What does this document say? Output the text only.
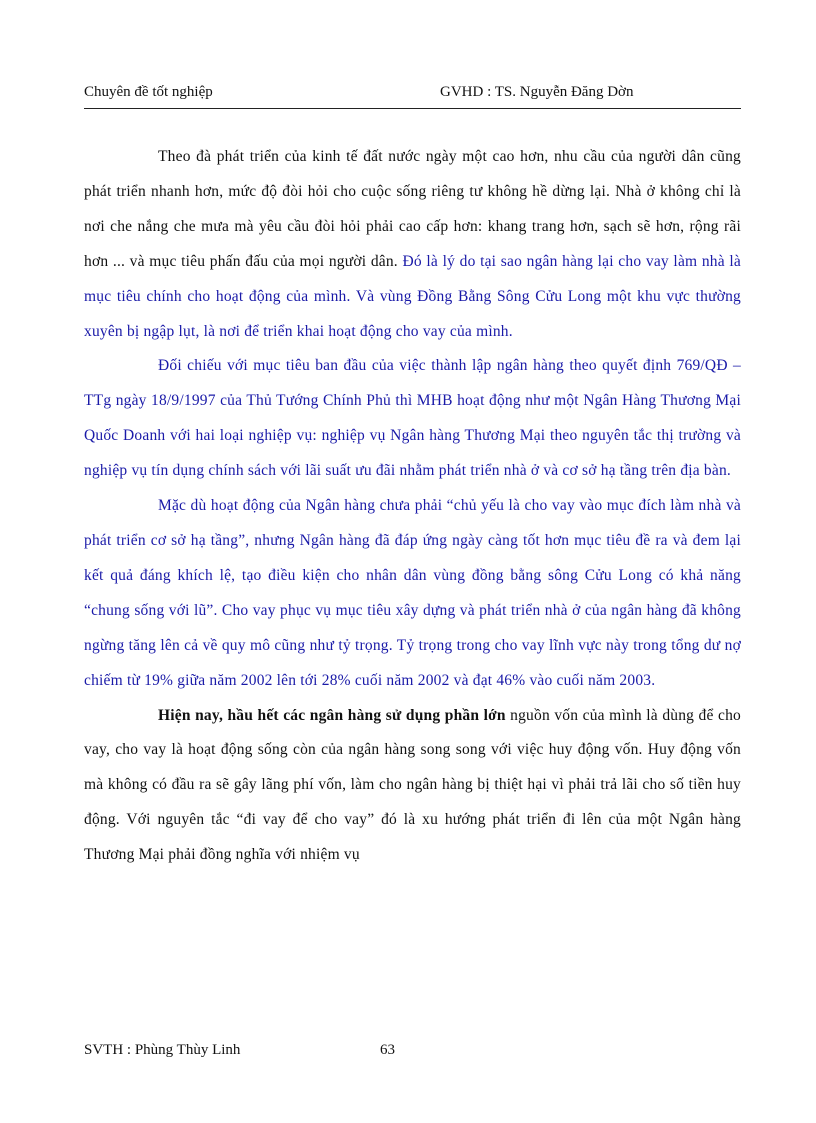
Chuyên đề tốt nghiệp	GVHD : TS. Nguyễn Đăng Dờn

Theo đà phát triển của kinh tế đất nước ngày một cao hơn, nhu cầu của người dân cũng phát triển nhanh hơn, mức độ đòi hỏi cho cuộc sống riêng tư không hề dừng lại. Nhà ở không chỉ là nơi che nắng che mưa mà yêu cầu đòi hỏi phải cao cấp hơn: khang trang hơn, sạch sẽ hơn, rộng rãi hơn ... và mục tiêu phấn đấu của mọi người dân. Đó là lý do tại sao ngân hàng lại cho vay làm nhà là mục tiêu chính cho hoạt động của mình. Và vùng Đồng Bằng Sông Cửu Long một khu vực thường xuyên bị ngập lụt, là nơi để triển khai hoạt động cho vay của mình.

Đối chiếu với mục tiêu ban đầu của việc thành lập ngân hàng theo quyết định 769/QĐ – TTg ngày 18/9/1997 của Thủ Tướng Chính Phủ thì MHB hoạt động như một Ngân Hàng Thương Mại Quốc Doanh với hai loại nghiệp vụ: nghiệp vụ Ngân hàng Thương Mại theo nguyên tắc thị trường và nghiệp vụ tín dụng chính sách với lãi suất ưu đãi nhằm phát triển nhà ở và cơ sở hạ tầng trên địa bàn.

Mặc dù hoạt động của Ngân hàng chưa phải “chủ yếu là cho vay vào mục đích làm nhà và phát triển cơ sở hạ tầng”, nhưng Ngân hàng đã đáp ứng ngày càng tốt hơn mục tiêu đề ra và đem lại kết quả đáng khích lệ, tạo điều kiện cho nhân dân vùng đồng bằng sông Cửu Long có khả năng “chung sống với lũ”. Cho vay phục vụ mục tiêu xây dựng và phát triển nhà ở của ngân hàng đã không ngừng tăng lên cả về quy mô cũng như tỷ trọng. Tỷ trọng trong cho vay lĩnh vực này trong tổng dư nợ chiếm từ 19% giữa năm 2002 lên tới 28% cuối năm 2002 và đạt 46% vào cuối năm 2003.

Hiện nay, hầu hết các ngân hàng sử dụng phần lớn nguồn vốn của mình là dùng để cho vay, cho vay là hoạt động sống còn của ngân hàng song song với việc huy động vốn. Huy động vốn mà không có đầu ra sẽ gây lãng phí vốn, làm cho ngân hàng bị thiệt hại vì phải trả lãi cho số tiền huy động. Với nguyên tắc “đi vay để cho vay” đó là xu hướng phát triển đi lên của một Ngân hàng Thương Mại phải đồng nghĩa với nhiệm vụ

SVTH : Phùng Thùy Linh	63
